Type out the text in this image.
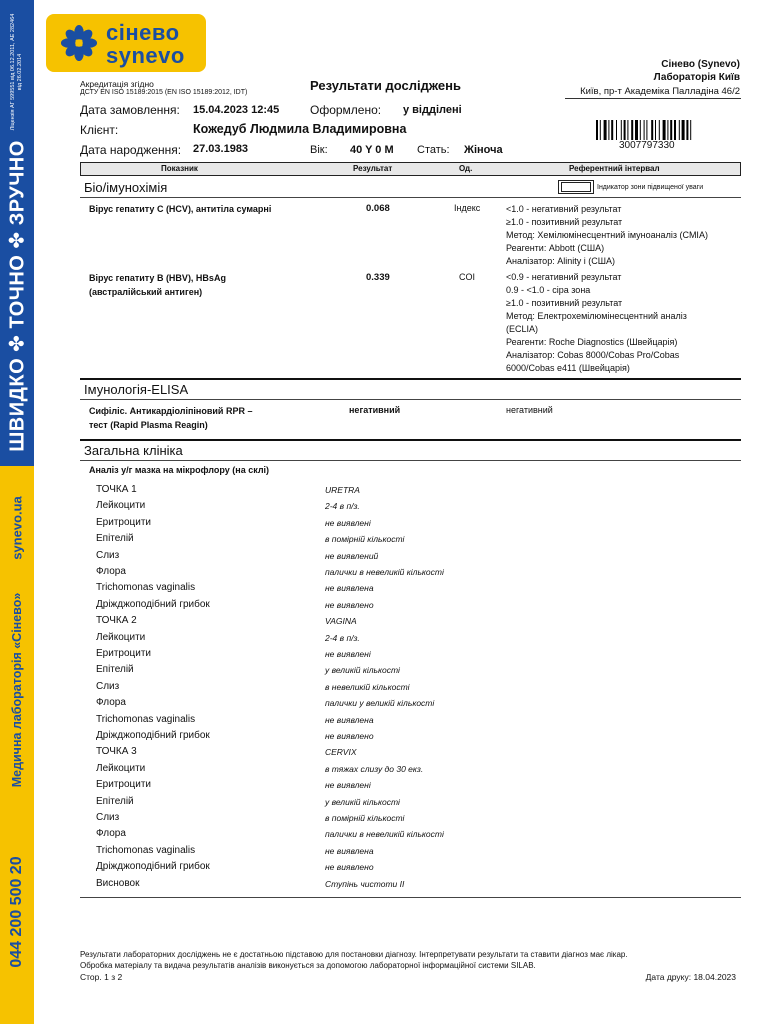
Ліцензія АГ 599551 від 06.12.2011, АЕ 282464 від 26.02.2014
ШВИДКО ✤ ТОЧНО ✤ ЗРУЧНО
synevo.ua
Медична лабораторія «Сінево»
044 200 500 20
сінево
synevo
Акредитація згідно
ДСТУ EN ISO 15189:2015 (EN ISO 15189:2012, IDT)	Результати досліджень
Сінево (Synevo)
Лабораторія Київ
Київ, пр-т Академіка Палладіна 46/2
Дата замовлення: 15.04.2023 12:45	Оформлено: у відділені
Клієнт:	Кожедуб Людмила Владимировна
Дата народження: 27.03.1983	Вік: 40 Y 0 M Стать: Жіноча	3007797330
Показник	Результат	Од.	Референтний інтервал
Біо/імунохімія	Індикатор зони підвищеної уваги
Вірус гепатиту С (HCV), антитіла сумарні	0.068	Індекс	<1.0 - негативний результат
≥1.0 - позитивний результат
Метод: Хемілюмінесцентний імуноаналіз (CMIA)
Реагенти: Abbott (США)
Аналізатор: Alinity i (США)
Вірус гепатиту В (HBV), HBsAg
(австралійський антиген)
0.339	COI	<0.9 - негативний результат
0.9 - <1.0 - сіра зона
≥1.0 - позитивний результат
Метод: Електрохемілюмінесцентний аналіз
(ECLIA)
Реагенти: Roche Diagnostics (Швейцарія)
Аналізатор: Cobas 8000/Cobas Pro/Cobas
6000/Cobas e411 (Швейцарія)
Імунологія-ELISA
Сифіліс. Антикардіоліпіновий RPR –
тест (Rapid Plasma Reagin)
негативний	негативний
Загальна клініка
Аналіз у/г мазка на мікрофлору (на склі)
ТОЧКА 1	URETRA
Лейкоцити	2-4 в п/з.
Еритроцити	не виявлені
Епітелій	в помірній кількості
Слиз	не виявлений
Флора	палички в невеликій кількості
Trichomonas vaginalis	не виявлена
Дріжджоподібний грибок	не виявлено
ТОЧКА 2	VAGINA
Лейкоцити	2-4 в п/з.
Еритроцити	не виявлені
Епітелій	у великій кількості
Слиз	в невеликій кількості
Флора	палички у великій кількості
Trichomonas vaginalis	не виявлена
Дріжджоподібний грибок	не виявлено
ТОЧКА 3	CERVIX
Лейкоцити	в тяжах слизу до 30 екз.
Еритроцити	не виявлені
Епітелій	у великій кількості
Слиз	в помірній кількості
Флора	палички в невеликій кількості
Trichomonas vaginalis	не виявлена
Дріжджоподібний грибок	не виявлено
Висновок	Ступінь чистоти II
Результати лабораторних досліджень не є достатньою підставою для постановки діагнозу. Інтерпретувати результати та ставити діагноз має лікар.
Обробка матеріалу та видача результатів аналізів виконується за допомогою лабораторної інформаційної системи SILAB.
Стор. 1 з 2	Дата друку: 18.04.2023
